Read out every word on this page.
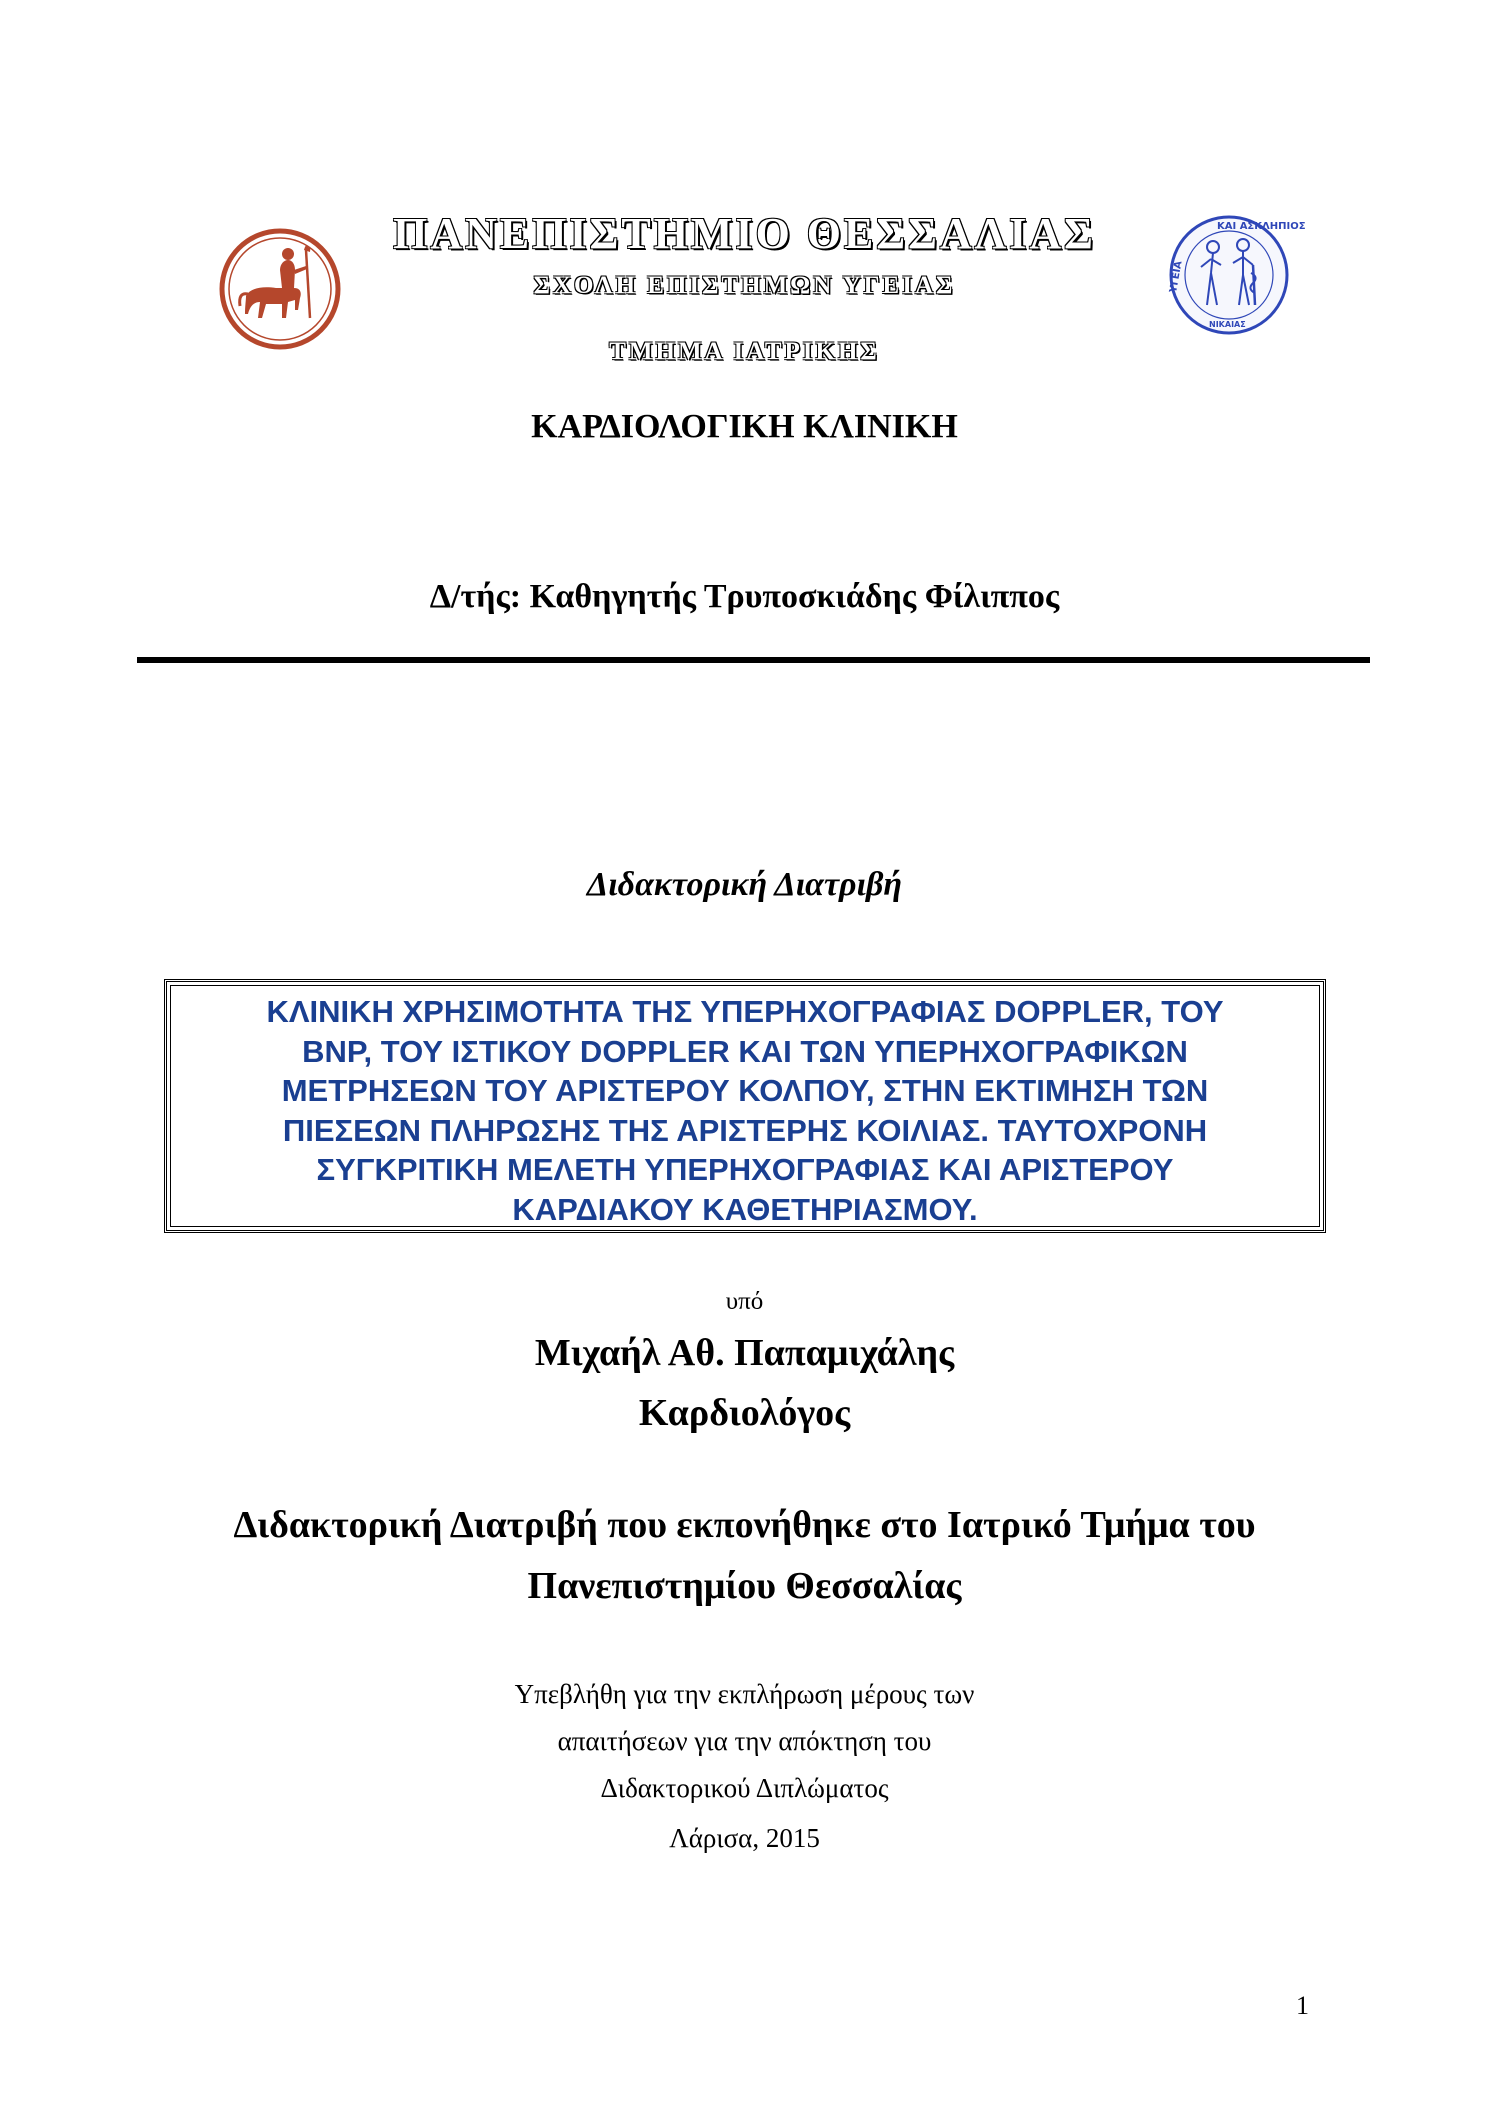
ΚΑΙ ΑΣΚΛΗΠΙΟΣ
ΥΓΕΙΑ
ΝΙΚΑΙΑΣ
ΠΑΝΕΠΙΣΤΗΜΙΟ ΘΕΣΣΑΛΙΑΣ
ΣΧΟΛΗ ΕΠΙΣΤΗΜΩΝ ΥΓΕΙΑΣ
ΤΜΗΜΑ ΙΑΤΡΙΚΗΣ
ΚΑΡΔΙΟΛΟΓΙΚΗ ΚΛΙΝΙΚΗ
Δ/τής: Καθηγητής Τρυποσκιάδης Φίλιππος
Διδακτορική Διατριβή
ΚΛΙΝΙΚΗ ΧΡΗΣΙΜΟΤΗΤΑ ΤΗΣ ΥΠΕΡΗΧΟΓΡΑΦΙΑΣ DOPPLER, ΤΟΥ
BNP, ΤΟΥ ΙΣΤΙΚΟΥ DOPPLER ΚΑΙ ΤΩΝ ΥΠΕΡΗΧΟΓΡΑΦΙΚΩΝ
ΜΕΤΡΗΣΕΩΝ ΤΟΥ ΑΡΙΣΤΕΡΟΥ ΚΟΛΠΟΥ, ΣΤΗΝ ΕΚΤΙΜΗΣΗ ΤΩΝ
ΠΙΕΣΕΩΝ ΠΛΗΡΩΣΗΣ ΤΗΣ ΑΡΙΣΤΕΡΗΣ ΚΟΙΛΙΑΣ. ΤΑΥΤΟΧΡΟΝΗ
ΣΥΓΚΡΙΤΙΚΗ ΜΕΛΕΤΗ ΥΠΕΡΗΧΟΓΡΑΦΙΑΣ ΚΑΙ ΑΡΙΣΤΕΡΟΥ
ΚΑΡΔΙΑΚΟΥ ΚΑΘΕΤΗΡΙΑΣΜΟΥ.
υπό
Μιχαήλ Αθ. Παπαμιχάλης
Καρδιολόγος
Διδακτορική Διατριβή που εκπονήθηκε στο Ιατρικό Τμήμα του
Πανεπιστημίου Θεσσαλίας
Υπεβλήθη για την εκπλήρωση μέρους των
απαιτήσεων για την απόκτηση του
Διδακτορικού Διπλώματος
Λάρισα, 2015
1
